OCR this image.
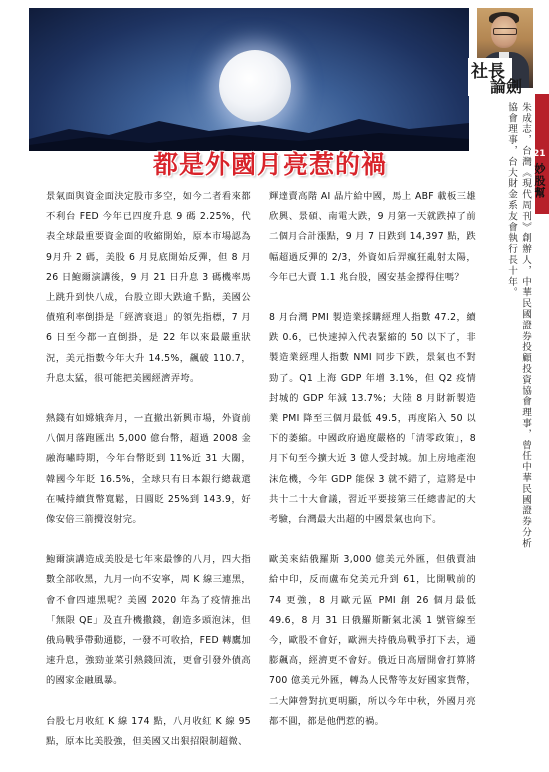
都是外國月亮惹的禍

景氣面與資金面決定股市多空，如今二者看來都不利台 FED 今年已四度升息 9 碼 2.25%，代表全球最重要資金面的收縮開始，原本市場認為 9月升 2 碼，美股 6 月見底開始反彈，但 8 月 26 日鮑爾演講後，9 月 21 日升息 3 碼機率馬上跳升到快八成，台股立即大跌逾千點，美國公債殖利率倒掛是「經濟衰退」的領先指標，7 月 6 日至今都一直倒掛，是 22 年以來最嚴重狀況，美元指數今年大升 14.5%，飆破 110.7，升息太猛，很可能把美國經濟弄垮。

熱錢有如嫦娥奔月，一直撤出新興市場，外資前八個月落跑匯出 5,000 億台幣，超過 2008 金融海嘯時期，今年台幣貶到 11%近 31 大關，韓國今年貶 16.5%，全球只有日本銀行總裁還在喊持續貨幣寬鬆，日圓貶 25%到 143.9，好像安倍三箭攪沒射完。

鮑爾演講造成美股是七年來最慘的八月，四大指數全部收黑，九月一向不安寧，周 K 線三連黑，會不會四連黑呢？美國 2020 年為了疫情推出「無限 QE」及直升機撒錢，創造多頭泡沫，但俄烏戰爭帶動通膨，一發不可收拾，FED 轉鷹加速升息，強勁並菜引熱錢回流，更會引發外債高的國家金融風暴。

台股七月收紅 K 線 174 點，八月收紅 K 線 95 點，原本比美股強，但美國又出狠招限制超微、

輝達賣高階 AI 晶片給中國，馬上 ABF 載板三雄欣興、景碩、南電大跌，9 月第一天就跌掉了前二個月合計漲點，9 月 7 日跌到 14,397 點，跌幅超過反彈的 2/3，外資如后羿瘋狂亂射太陽，今年已大賣 1.1 兆台股，國安基金撐得住嗎？

8 月台灣 PMI 製造業採購經理人指數 47.2，續跌 0.6，已快速掉入代表緊縮的 50 以下了，非製造業經理人指數 NMI 同步下跌，景氣也不對勁了。Q1 上海 GDP 年增 3.1%，但 Q2 疫情封城的 GDP 年減 13.7%；大陸 8 月財新製造業 PMI 降至三個月最低 49.5，再度陷入 50 以下的萎縮。中國政府過度嚴格的「清零政策」，8 月下旬至今擴大近 3 億人受封城。加上房地產泡沫危機，今年 GDP 能保 3 就不錯了，這將是中共十二十大會議，習近平要接第三任總書記的大考驗，台灣最大出超的中國景氣也向下。

歐美來結俄羅斯 3,000 億美元外匯，但俄賣油給中印，反而盧布兌美元升到 61，比開戰前的 74 更強，8 月歐元區 PMI 創 26 個月最低 49.6，8 月 31 日俄羅斯斷氣北溪 1 號管線至今，歐股不會好，歐洲夫持俄烏戰爭打下去，通膨飆高，經濟更不會好。俄近日高層開會打算將 700 億美元外匯，轉為人民幣等友好國家貨幣，二大陣營對抗更明顯，所以今年中秋，外國月亮都不圓，都是他們惹的禍。

社長
論劍
21
妙股幫
朱成志，台灣《現代周刊》創辦人，中華民國證券投顧投資協會理事，曾任中華民國證券分析協會理事，台大財金系友會執行長十年。
